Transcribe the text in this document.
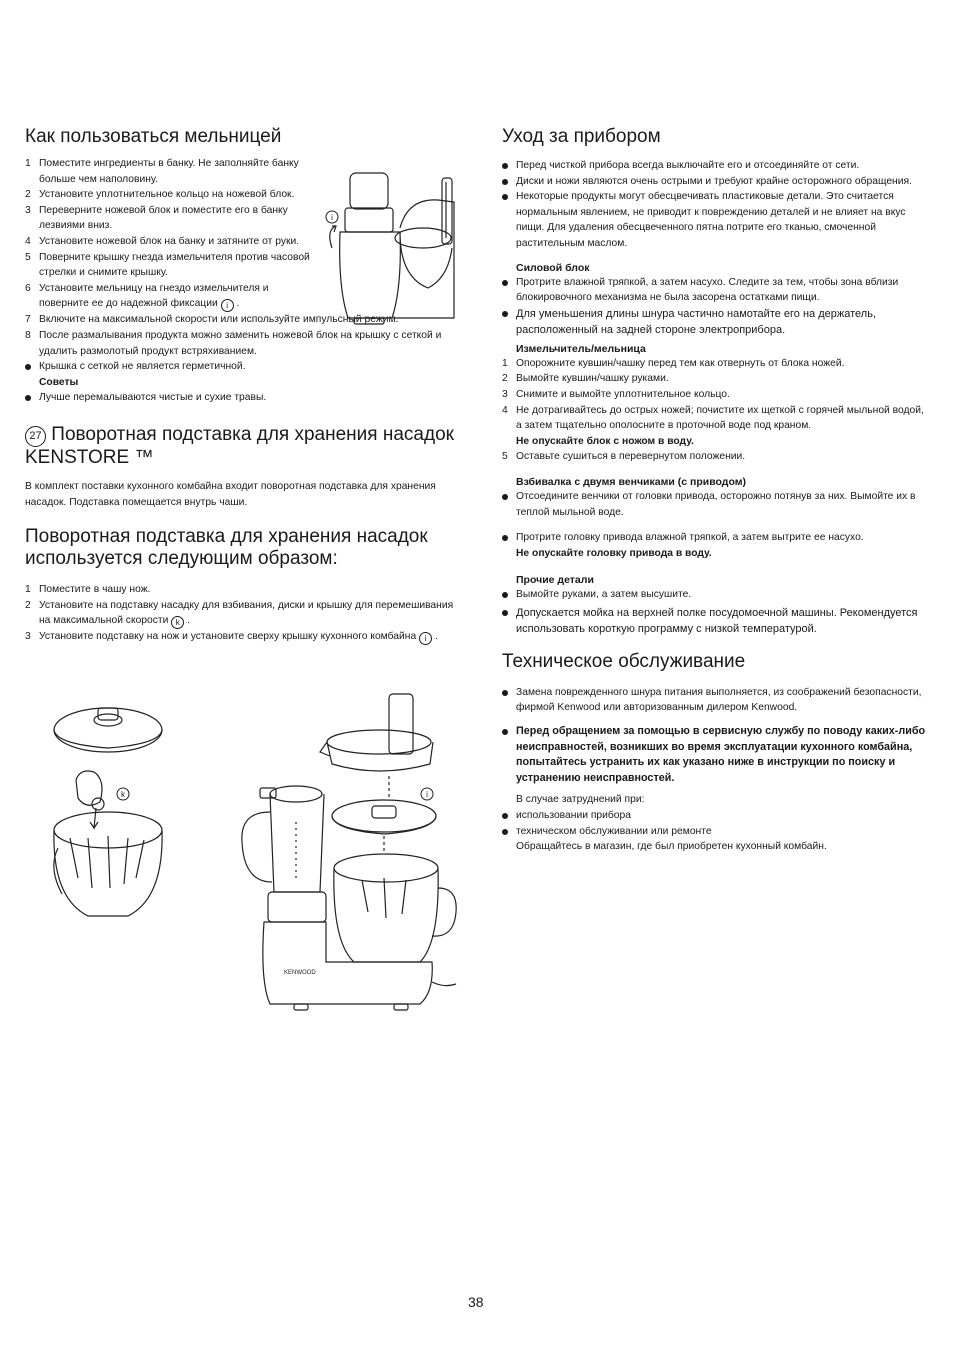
Как пользоваться мельницей
1 Поместите ингредиенты в банку. Не заполняйте банку больше чем наполовину.
2 Установите уплотнительное кольцо на ножевой блок.
3 Переверните ножевой блок и поместите его в банку лезвиями вниз.
4 Установите ножевой блок на банку и затяните от руки.
5 Поверните крышку гнезда измельчителя против часовой стрелки и снимите крышку.
6 Установите мельницу на гнездо измельчителя и поверните ее до надежной фиксации i .
7 Включите на максимальной скорости или используйте импульсный режим.
8 После размалывания продукта можно заменить ножевой блок на крышку с сеткой и удалить размолотый продукт встряхиванием.
Крышка с сеткой не является герметичной.
Советы
Лучше перемалываются чистые и сухие травы.
27 Поворотная подставка для хранения насадок KENSTORE ™
В комплект поставки кухонного комбайна входит поворотная подставка для хранения насадок. Подставка помещается внутрь чаши.
Поворотная подставка для хранения насадок используется следующим образом:
1 Поместите в чашу нож.
2 Установите на подставку насадку для взбивания, диски и крышку для перемешивания на максимальной скорости k .
3 Установите подставку на нож и установите сверху крышку кухонного комбайна i .
i
k
KENWOOD
i
Уход за прибором
Перед чисткой прибора всегда выключайте его и отсоединяйте от сети.
Диски и ножи являются очень острыми и требуют крайне осторожного обращения.
Некоторые продукты могут обесцвечивать пластиковые детали. Это считается нормальным явлением, не приводит к повреждению деталей и не влияет на вкус пищи. Для удаления обесцвеченного пятна потрите его тканью, смоченной растительным маслом.
Силовой блок
Протрите влажной тряпкой, а затем насухо. Следите за тем, чтобы зона вблизи блокировочного механизма не была засорена остатками пищи.
Для уменьшения длины шнура частично намотайте его на держатель, расположенный на задней стороне электроприбора.
Измельчитель/мельница
1 Опорожните кувшин/чашку перед тем как отвернуть от блока ножей.
2 Вымойте кувшин/чашку руками.
3 Снимите и вымойте уплотнительное кольцо.
4 Не дотрагивайтесь до острых ножей; почистите их щеткой с горячей мыльной водой, а затем тщательно ополосните в проточной воде под краном.
Не опускайте блок с ножом в воду.
5 Оставьте сушиться в перевернутом положении.
Взбивалка с двумя венчиками (с приводом)
Отсоедините венчики от головки привода, осторожно потянув за них. Вымойте их в теплой мыльной воде.
Протрите головку привода влажной тряпкой, а затем вытрите ее насухо.
Не опускайте головку привода в воду.
Прочие детали
Вымойте руками, а затем высушите.
Допускается мойка на верхней полке посудомоечной машины. Рекомендуется использовать короткую программу с низкой температурой.
Техническое обслуживание
Замена поврежденного шнура питания выполняется, из соображений безопасности, фирмой Kenwood или авторизованным дилером Kenwood.
Перед обращением за помощью в сервисную службу по поводу каких-либо неисправностей, возникших во время эксплуатации кухонного комбайна, попытайтесь устранить их как указано ниже в инструкции по поиску и устранению неисправностей.
В случае затруднений при:
использовании прибора
техническом обслуживании или ремонте
Обращайтесь в магазин, где был приобретен кухонный комбайн.
38
